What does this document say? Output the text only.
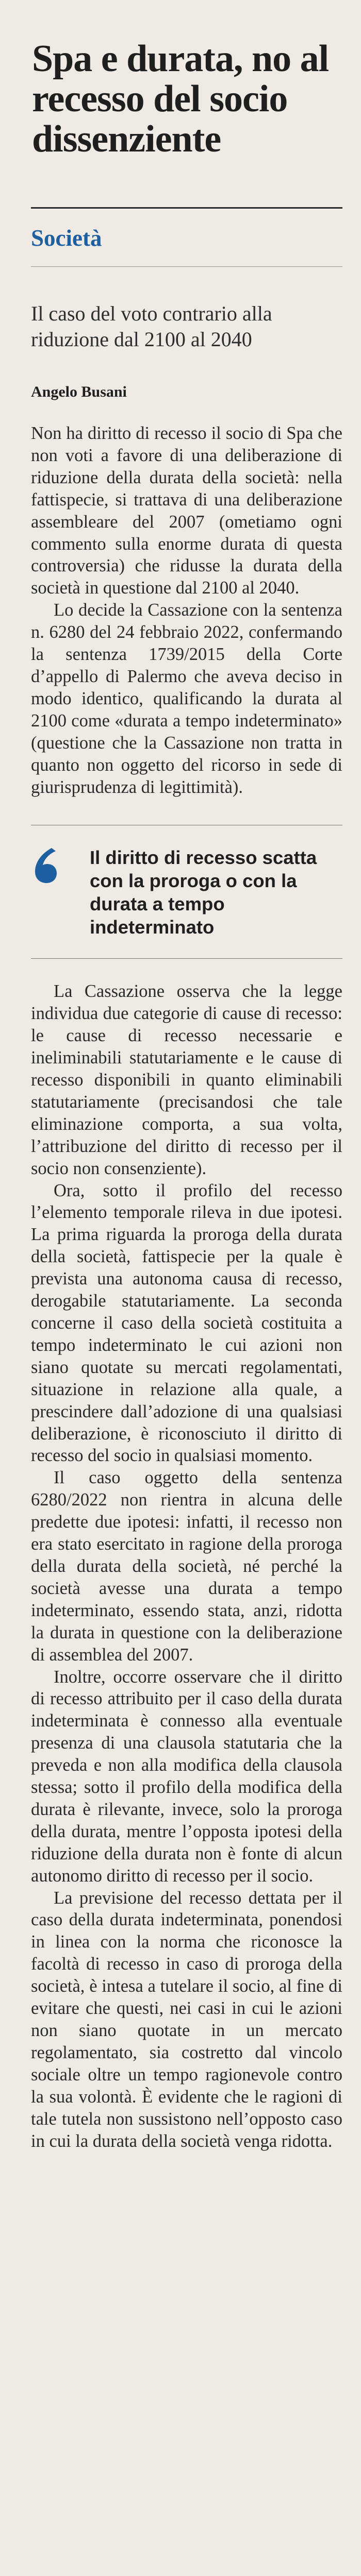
Spa e durata, no al recesso del socio dissenziente
Società
Il caso del voto contrario alla riduzione dal 2100 al 2040
Angelo Busani

Non ha diritto di recesso il socio di Spa che non voti a favore di una deliberazione di riduzione della durata della società: nella fattispecie, si trattava di una deliberazione assembleare del 2007 (ometiamo ogni commento sulla enorme durata di questa controversia) che ridusse la durata della società in questione dal 2100 al 2040.

Lo decide la Cassazione con la sentenza n. 6280 del 24 febbraio 2022, confermando la sentenza 1739/2015 della Corte d’appello di Palermo che aveva deciso in modo identico, qualificando la durata al 2100 come «durata a tempo indeterminato» (questione che la Cassazione non tratta in quanto non oggetto del ricorso in sede di giurisprudenza di legittimità).

Il diritto di recesso scatta con la proroga o con la durata a tempo indeterminato

La Cassazione osserva che la legge individua due categorie di cause di recesso: le cause di recesso necessarie e ineliminabili statutariamente e le cause di recesso disponibili in quanto eliminabili statutariamente (precisandosi che tale eliminazione comporta, a sua volta, l’attribuzione del diritto di recesso per il socio non consenziente).

Ora, sotto il profilo del recesso l’elemento temporale rileva in due ipotesi. La prima riguarda la proroga della durata della società, fattispecie per la quale è prevista una autonoma causa di recesso, derogabile statutariamente. La seconda concerne il caso della società costituita a tempo indeterminato le cui azioni non siano quotate su mercati regolamentati, situazione in relazione alla quale, a prescindere dall’adozione di una qualsiasi deliberazione, è riconosciuto il diritto di recesso del socio in qualsiasi momento.

Il caso oggetto della sentenza 6280/2022 non rientra in alcuna delle predette due ipotesi: infatti, il recesso non era stato esercitato in ragione della proroga della durata della società, né perché la società avesse una durata a tempo indeterminato, essendo stata, anzi, ridotta la durata in questione con la deliberazione di assemblea del 2007.

Inoltre, occorre osservare che il diritto di recesso attribuito per il caso della durata indeterminata è connesso alla eventuale presenza di una clausola statutaria che la preveda e non alla modifica della clausola stessa; sotto il profilo della modifica della durata è rilevante, invece, solo la proroga della durata, mentre l’opposta ipotesi della riduzione della durata non è fonte di alcun autonomo diritto di recesso per il socio.

La previsione del recesso dettata per il caso della durata indeterminata, ponendosi in linea con la norma che riconosce la facoltà di recesso in caso di proroga della società, è intesa a tutelare il socio, al fine di evitare che questi, nei casi in cui le azioni non siano quotate in un mercato regolamentato, sia costretto dal vincolo sociale oltre un tempo ragionevole contro la sua volontà. È evidente che le ragioni di tale tutela non sussistono nell’opposto caso in cui la durata della società venga ridotta.
